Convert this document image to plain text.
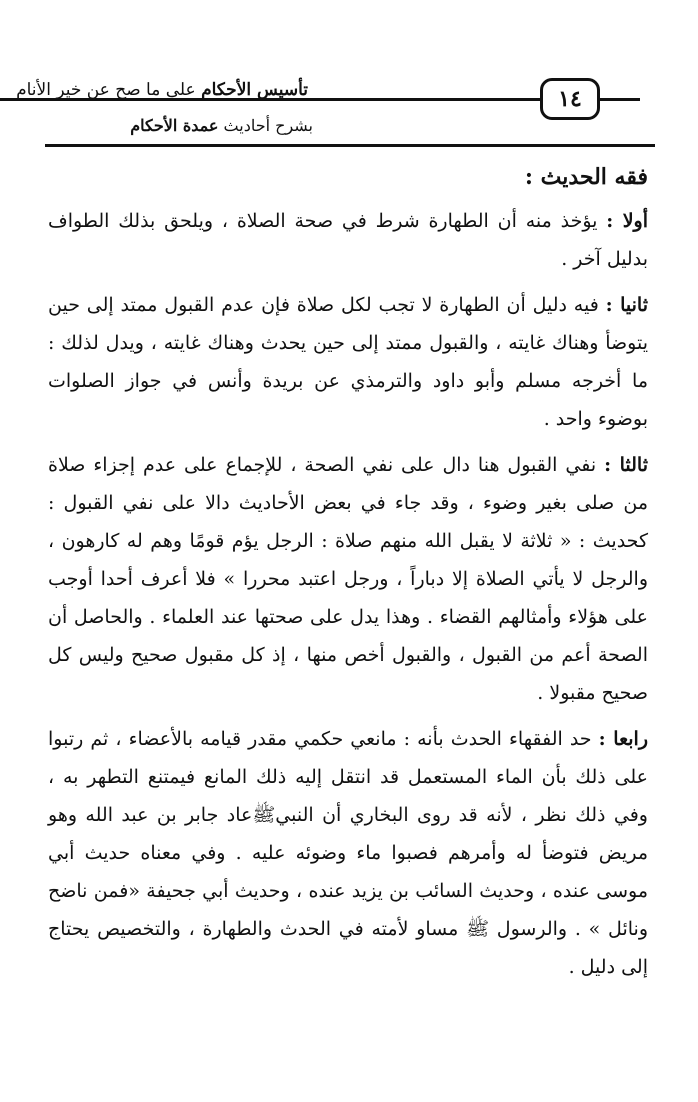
تأسيس الأحكام على ما صح عن خير الأنام	١٤
بشرح أحاديث عمدة الأحكام
فقه الحديث :

أولا : يؤخذ منه أن الطهارة شرط في صحة الصلاة ، ويلحق بذلك الطواف بدليل آخر .

ثانيا : فيه دليل أن الطهارة لا تجب لكل صلاة فإن عدم القبول ممتد إلى حين يتوضأ وهناك غايته ، والقبول ممتد إلى حين يحدث وهناك غايته ، ويدل لذلك : ما أخرجه مسلم وأبو داود والترمذي عن بريدة وأنس في جواز الصلوات بوضوء واحد .

ثالثا : نفي القبول هنا دال على نفي الصحة ، للإجماع على عدم إجزاء صلاة من صلى بغير وضوء ، وقد جاء في بعض الأحاديث دالا على نفي القبول : كحديث : « ثلاثة لا يقبل الله منهم صلاة : الرجل يؤم قومًا وهم له كارهون ، والرجل لا يأتي الصلاة إلا دباراً ، ورجل اعتبد محررا » فلا أعرف أحدا أوجب على هؤلاء وأمثالهم القضاء . وهذا يدل على صحتها عند العلماء . والحاصل أن الصحة أعم من القبول ، والقبول أخص منها ، إذ كل مقبول صحيح وليس كل صحيح مقبولا .

رابعا : حد الفقهاء الحدث بأنه : مانعي حكمي مقدر قيامه بالأعضاء ، ثم رتبوا على ذلك بأن الماء المستعمل قد انتقل إليه ذلك المانع فيمتنع التطهر به ، وفي ذلك نظر ، لأنه قد روى البخاري أن النبيﷺعاد جابر بن عبد الله وهو مريض فتوضأ له وأمرهم فصبوا ماء وضوئه عليه . وفي معناه حديث أبي موسى عنده ، وحديث السائب بن يزيد عنده ، وحديث أبي جحيفة «فمن ناضح ونائل » . والرسول ﷺ مساو لأمته في الحدث والطهارة ، والتخصيص يحتاج إلى دليل .
